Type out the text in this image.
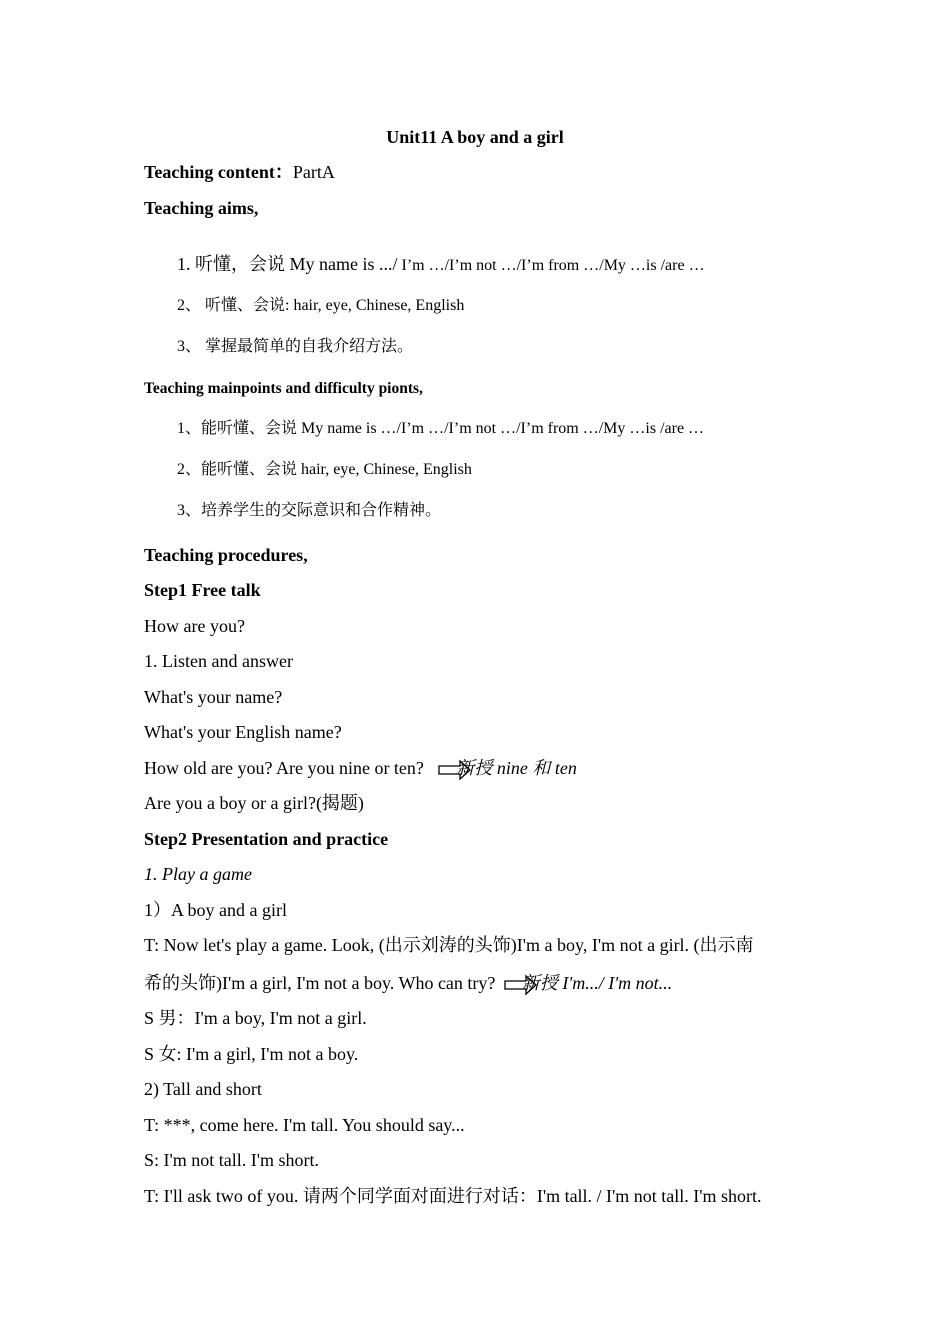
Unit11 A boy and a girl
Teaching content：PartA
Teaching aims,
1. 听懂，会说 My name is .../ I’m …/I’m not …/I’m from …/My …is /are …
2、 听懂、会说: hair, eye, Chinese, English
3、 掌握最简单的自我介绍方法。
Teaching mainpoints and difficulty pionts,
1、能听懂、会说 My name is …/I’m …/I’m not …/I’m from …/My …is /are …
2、能听懂、会说 hair, eye, Chinese, English
3、培养学生的交际意识和合作精神。
Teaching procedures,
Step1 Free talk
How are you?
1. Listen and answer
What's your name?
What's your English name?
How old are you? Are you nine or ten? 新授 nine 和 ten
Are you a boy or a girl?(揭题)
Step2 Presentation and practice
1. Play a game
1）A boy and a girl
T: Now let's play a game. Look, (出示刘涛的头饰)I'm a boy, I'm not a girl. (出示南
希的头饰)I'm a girl, I'm not a boy. Who can try? 新授 I'm.../ I'm not...
S 男：I'm a boy, I'm not a girl.
S 女: I'm a girl, I'm not a boy.
2) Tall and short
T: ***, come here. I'm tall. You should say...
S: I'm not tall. I'm short.
T: I'll ask two of you. 请两个同学面对面进行对话：I'm tall. / I'm not tall. I'm short.
